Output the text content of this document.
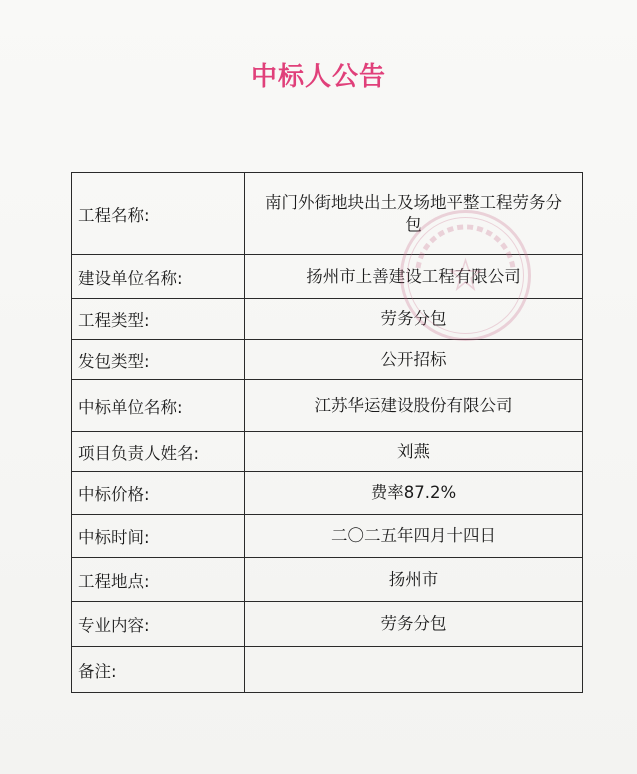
中标人公告
工程名称:	南门外街地块出土及场地平整工程劳务分包
建设单位名称:	扬州市上善建设工程有限公司
工程类型:	劳务分包
发包类型:	公开招标
中标单位名称:	江苏华运建设股份有限公司
项目负责人姓名:	刘燕
中标价格:	费率87.2%
中标时间:	二〇二五年四月十四日
工程地点:	扬州市
专业内容:	劳务分包
备注:	
